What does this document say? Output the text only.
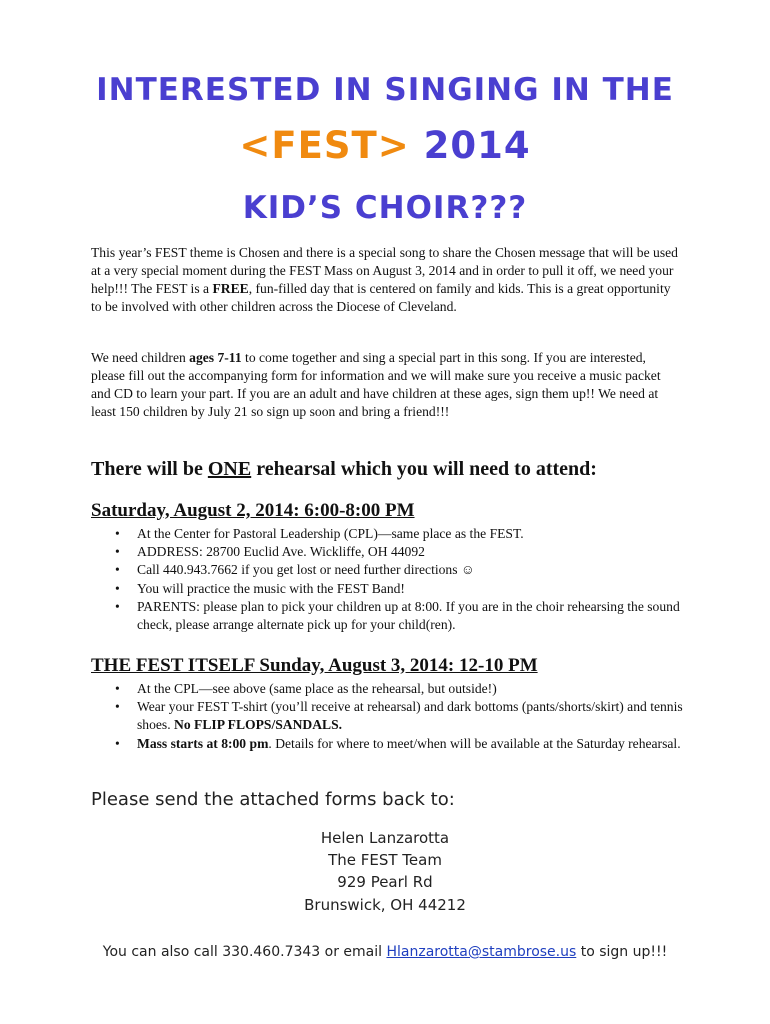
INTERESTED IN SINGING IN THE
<FEST> 2014
KID’S CHOIR???

This year’s FEST theme is Chosen and there is a special song to share the Chosen message that will be used at a very special moment during the FEST Mass on August 3, 2014 and in order to pull it off, we need your help!!! The FEST is a FREE, fun-filled day that is centered on family and kids. This is a great opportunity to be involved with other children across the Diocese of Cleveland.

We need children ages 7-11 to come together and sing a special part in this song. If you are interested, please fill out the accompanying form for information and we will make sure you receive a music packet and CD to learn your part. If you are an adult and have children at these ages, sign them up!! We need at least 150 children by July 21 so sign up soon and bring a friend!!!

There will be ONE rehearsal which you will need to attend:

Saturday, August 2, 2014: 6:00-8:00 PM

• At the Center for Pastoral Leadership (CPL)—same place as the FEST.
• ADDRESS: 28700 Euclid Ave. Wickliffe, OH 44092
• Call 440.943.7662 if you get lost or need further directions ☺
• You will practice the music with the FEST Band!
• PARENTS: please plan to pick your children up at 8:00. If you are in the choir rehearsing the sound check, please arrange alternate pick up for your child(ren).

THE FEST ITSELF Sunday, August 3, 2014: 12-10 PM

• At the CPL—see above (same place as the rehearsal, but outside!)
• Wear your FEST T-shirt (you’ll receive at rehearsal) and dark bottoms (pants/shorts/skirt) and tennis shoes. No FLIP FLOPS/SANDALS.
• Mass starts at 8:00 pm. Details for where to meet/when will be available at the Saturday rehearsal.
Please send the attached forms back to:
Helen Lanzarotta
The FEST Team
929 Pearl Rd
Brunswick, OH 44212
You can also call 330.460.7343 or email Hlanzarotta@stambrose.us to sign up!!!
